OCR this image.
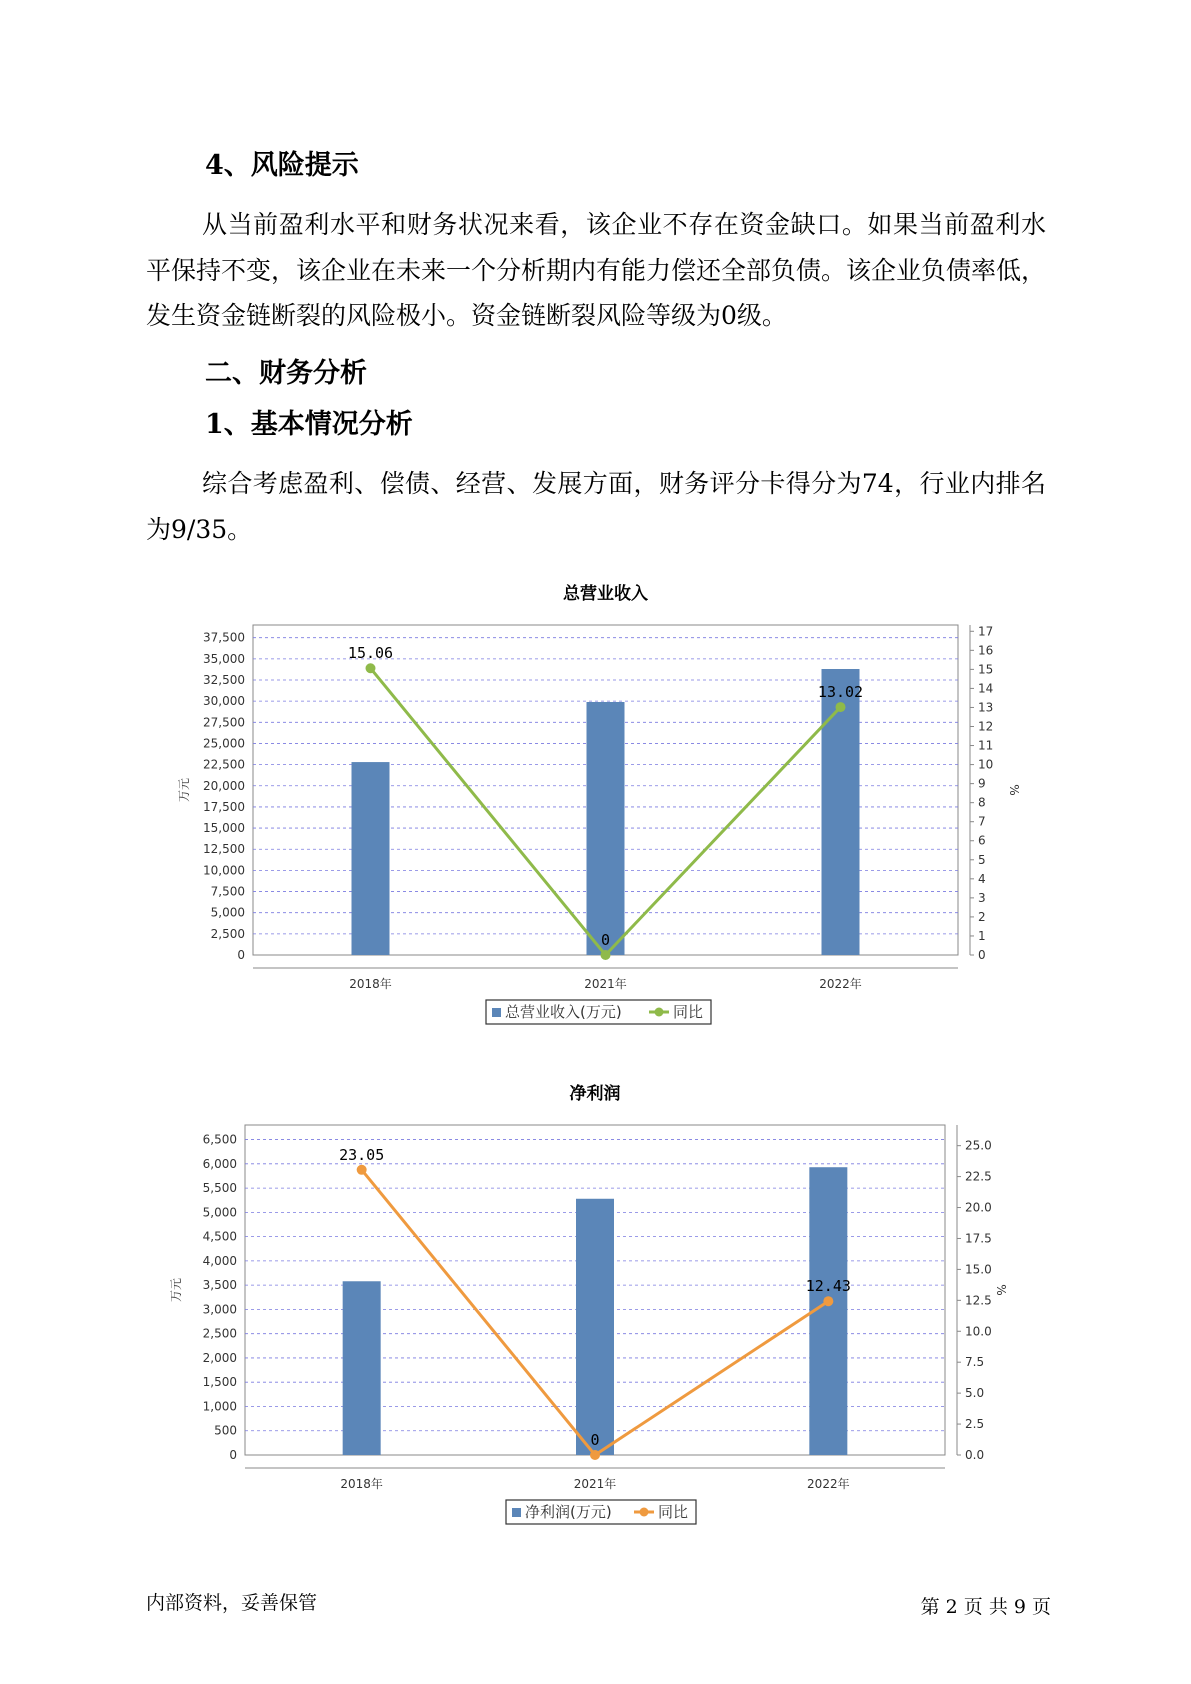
4、风险提示

从当前盈利水平和财务状况来看，该企业不存在资金缺口。如果当前盈利水平保持不变，该企业在未来一个分析期内有能力偿还全部负债。该企业负债率低，发生资金链断裂的风险极小。资金链断裂风险等级为0级。

二、财务分析
1、基本情况分析

综合考虑盈利、偿债、经营、发展方面，财务评分卡得分为74，行业内排名为9/35。

总营业收入
0
2,500
5,000
7,500
10,000
12,500
15,000
17,500
20,000
22,500
25,000
27,500
30,000
32,500
35,000
37,500
0
1
2
3
4
5
6
7
8
9
10
11
12
13
14
15
16
17
万元	%
2018年	2021年	2022年
15.06
0
13.02
总营业收入(万元)	同比
净利润
0
500
1,000
1,500
2,000
2,500
3,000
3,500
4,000
4,500
5,000
5,500
6,000
6,500
0.0
2.5
5.0
7.5
10.0
12.5
15.0
17.5
20.0
22.5
25.0
万元	%
2018年	2021年	2022年
23.05
0
12.43
净利润(万元)	同比
内部资料，妥善保管	第 2 页 共 9 页
